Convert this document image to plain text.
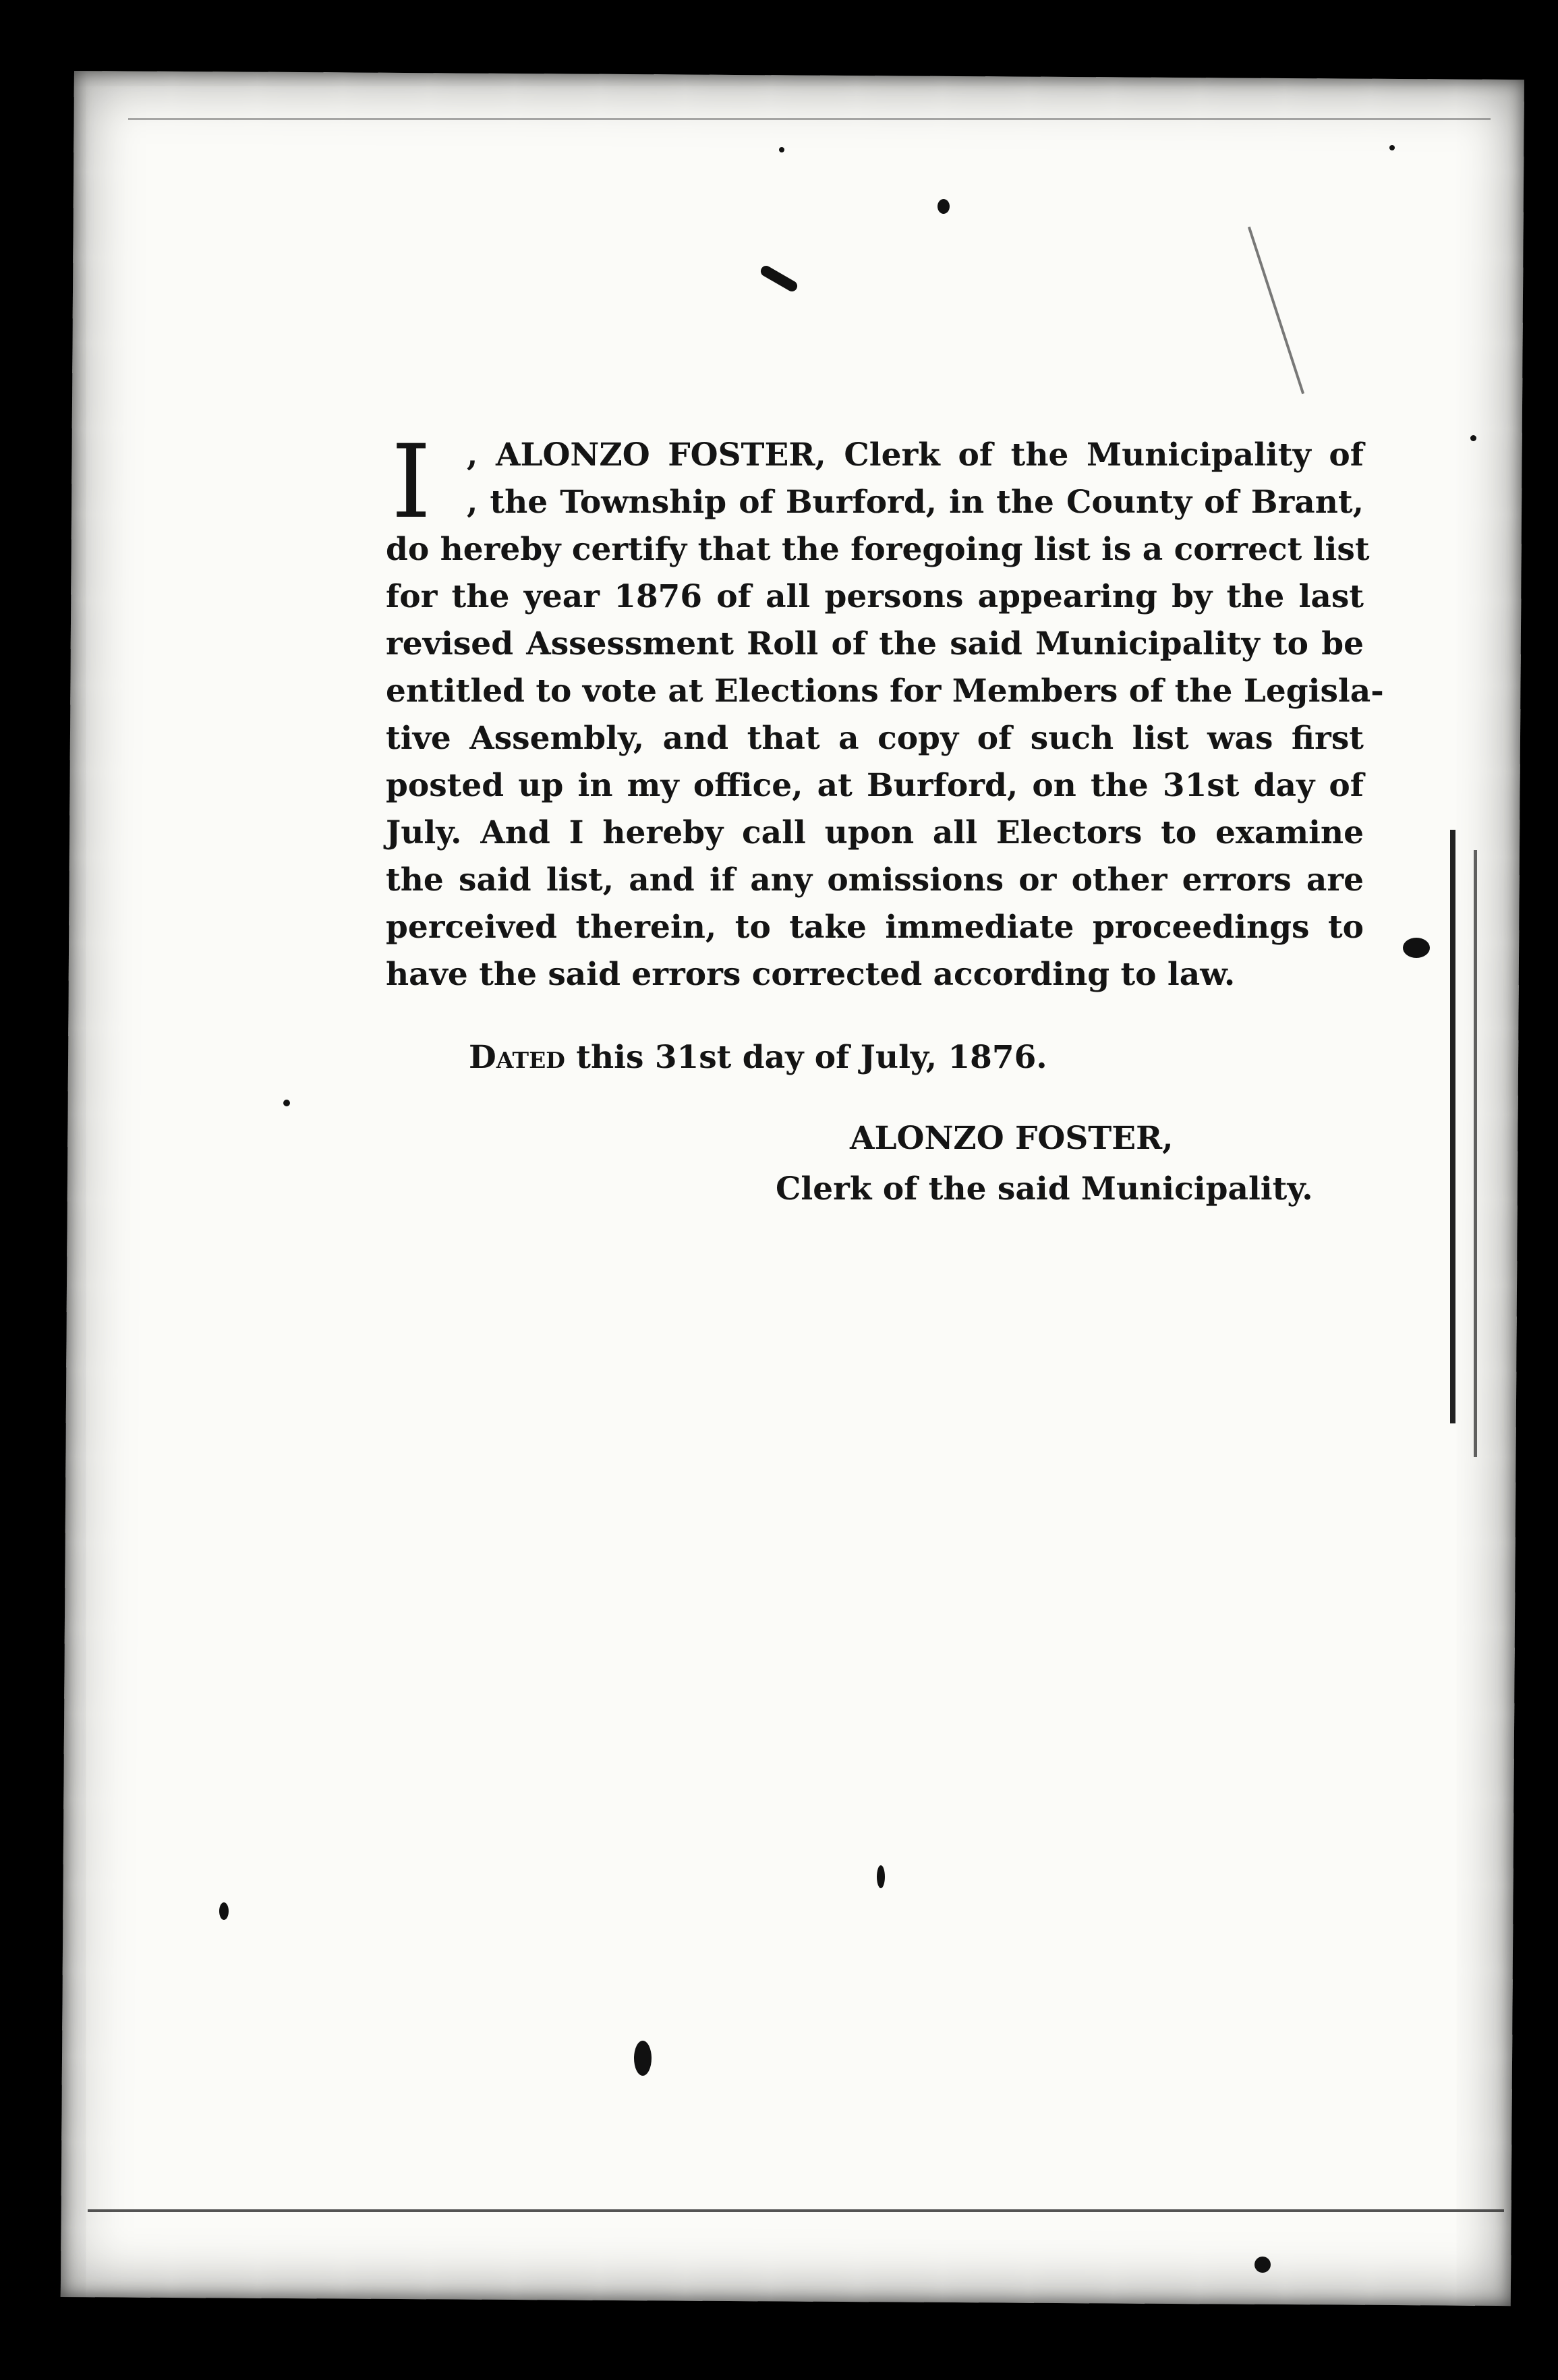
I	, ALONZO FOSTER, Clerk of the Municipality of
, the Township of Burford, in the County of Brant,
do hereby certify that the foregoing list is a correct list
for the year 1876 of all persons appearing by the last
revised Assessment Roll of the said Municipality to be
entitled to vote at Elections for Members of the Legisla-
tive Assembly, and that a copy of such list was first
posted up in my office, at Burford, on the 31st day of
July. And I hereby call upon all Electors to examine
the said list, and if any omissions or other errors are
perceived therein, to take immediate proceedings to
have the said errors corrected according to law.
Dated this 31st day of July, 1876.
ALONZO FOSTER,
Clerk of the said Municipality.
